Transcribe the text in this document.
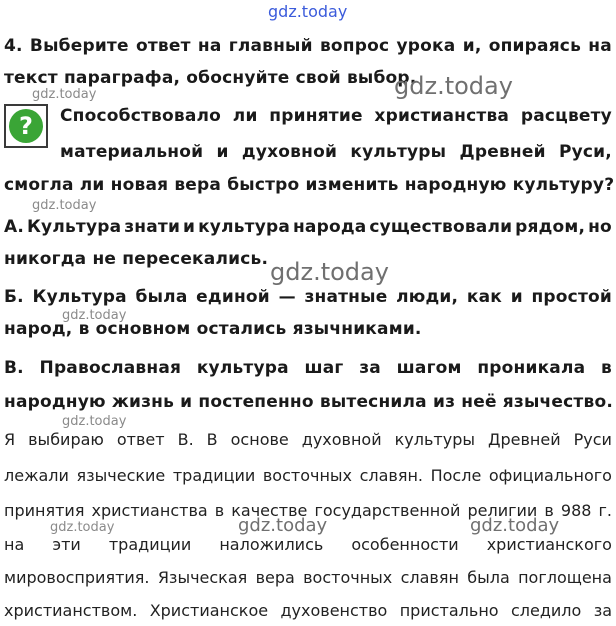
gdz.today
gdz.today
gdz.today
gdz.today
gdz.today
gdz.today
gdz.today
gdz.today	gdz.today	gdz.today
4. Выберите ответ на главный вопрос урока и, опираясь на
текст параграфа, обоснуйте свой выбор.
?	Способствовало ли принятие христианства расцвету
материальной и духовной культуры Древней Руси,
смогла ли новая вера быстро изменить народную культуру?
А. Культура знати и культура народа существовали рядом, но
никогда не пересекались.
Б. Культура была единой — знатные люди, как и простой
народ, в основном остались язычниками.
В. Православная культура шаг за шагом проникала в
народную жизнь и постепенно вытеснила из неё язычество.
Я выбираю ответ В. В основе духовной культуры Древней Руси
лежали языческие традиции восточных славян. После официального
принятия христианства в качестве государственной религии в 988 г.
на эти традиции наложились особенности христианского
мировосприятия. Языческая вера восточных славян была поглощена
христианством. Христианское духовенство пристально следило за
